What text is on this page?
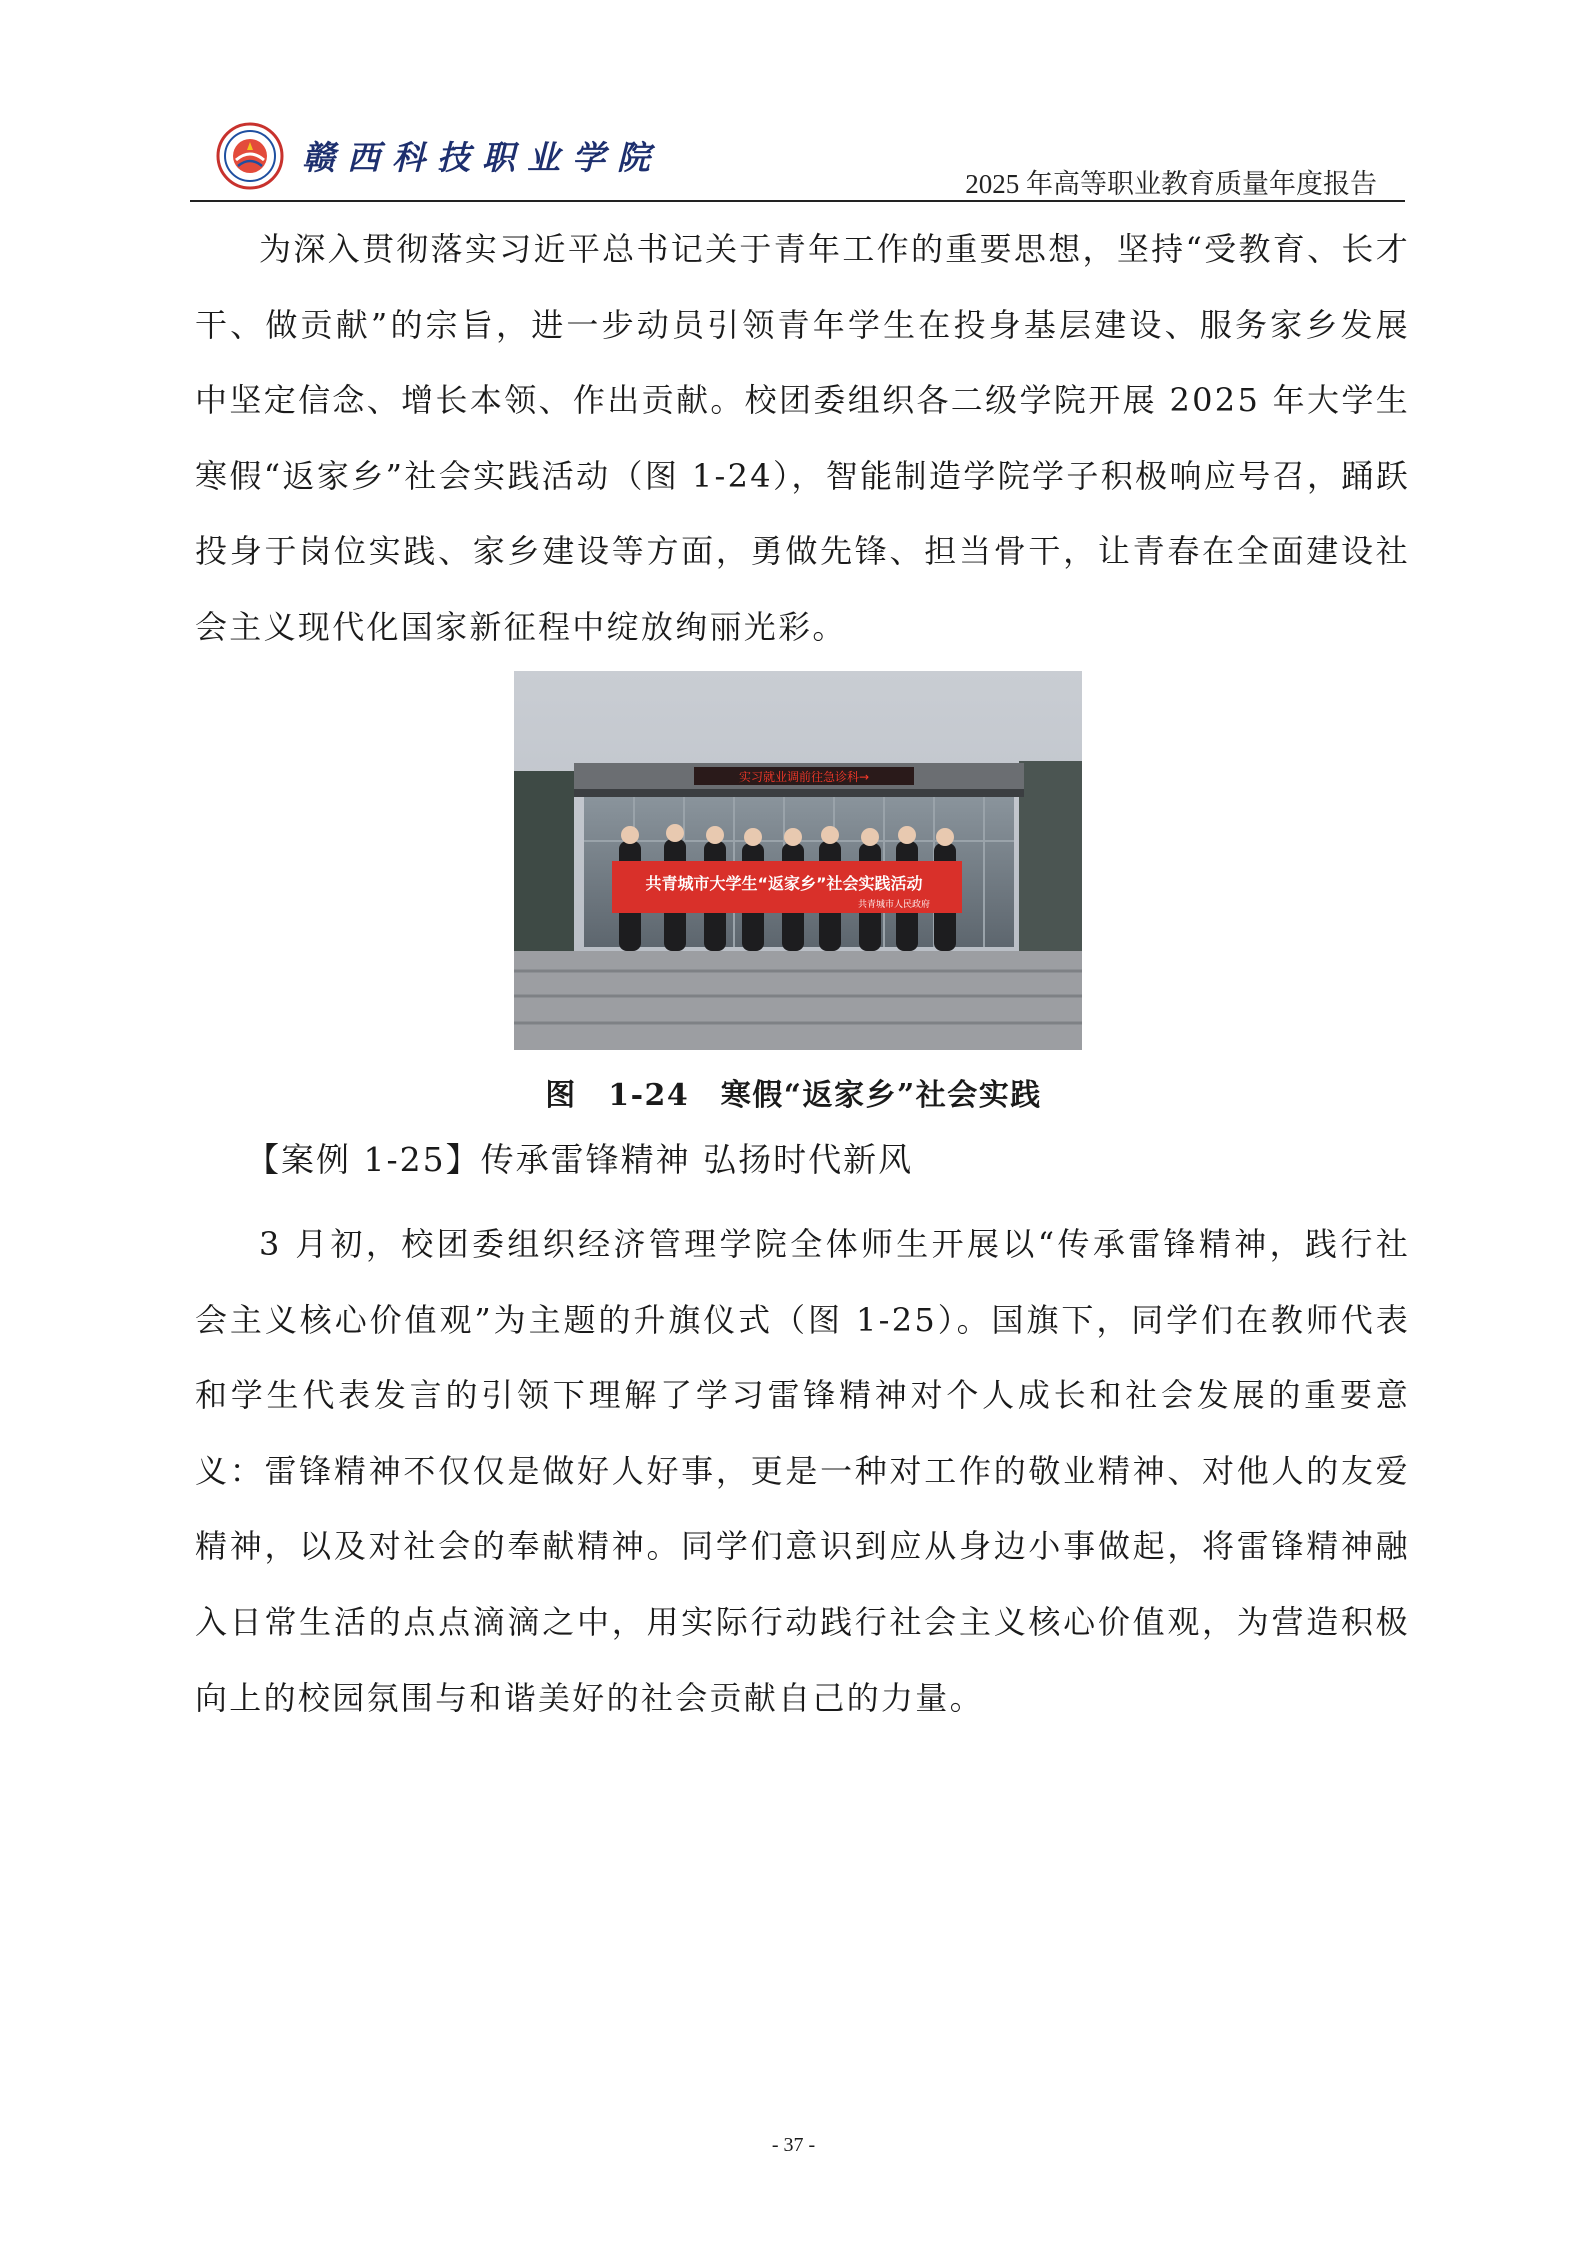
赣西科技职业学院
2025 年高等职业教育质量年度报告

为深入贯彻落实习近平总书记关于青年工作的重要思想，坚持“受教育、长才干、做贡献”的宗旨，进一步动员引领青年学生在投身基层建设、服务家乡发展中坚定信念、增长本领、作出贡献。校团委组织各二级学院开展 2025 年大学生寒假“返家乡”社会实践活动（图 1-24），智能制造学院学子积极响应号召，踊跃投身于岗位实践、家乡建设等方面，勇做先锋、担当骨干，让青春在全面建设社会主义现代化国家新征程中绽放绚丽光彩。

实习就业调前往急诊科→
共青城市大学生“返家乡”社会实践活动
共青城市人民政府
图　1-24　寒假“返家乡”社会实践
【案例 1-25】传承雷锋精神 弘扬时代新风

3 月初，校团委组织经济管理学院全体师生开展以“传承雷锋精神，践行社会主义核心价值观”为主题的升旗仪式（图 1-25）。国旗下，同学们在教师代表和学生代表发言的引领下理解了学习雷锋精神对个人成长和社会发展的重要意义：雷锋精神不仅仅是做好人好事，更是一种对工作的敬业精神、对他人的友爱精神，以及对社会的奉献精神。同学们意识到应从身边小事做起，将雷锋精神融入日常生活的点点滴滴之中，用实际行动践行社会主义核心价值观，为营造积极向上的校园氛围与和谐美好的社会贡献自己的力量。

- 37 -
